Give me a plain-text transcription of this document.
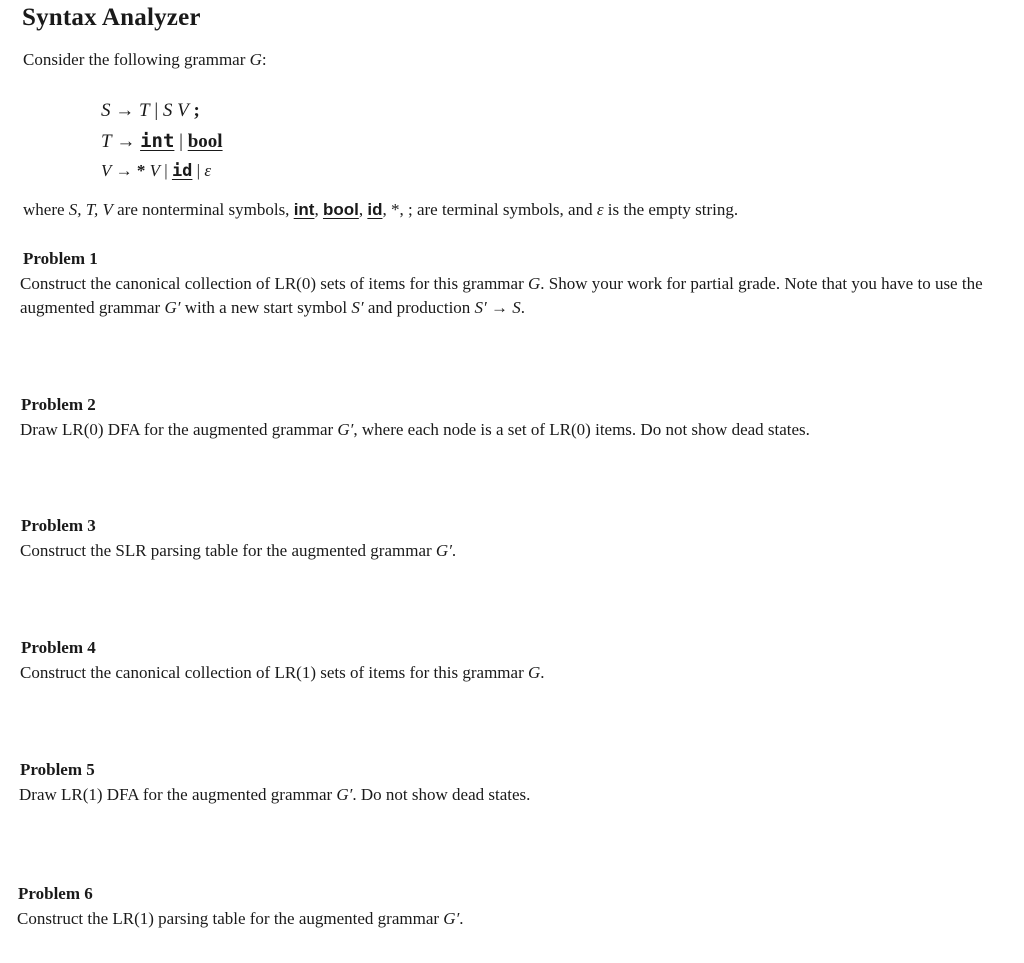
Syntax Analyzer
Consider the following grammar G:
S → T | S V ;
T → int | bool
V → * V | id | ε
where S, T, V are nonterminal symbols, int, bool, id, *, ; are terminal symbols, and ε is the empty string.
Problem 1
Construct the canonical collection of LR(0) sets of items for this grammar G. Show your work for partial grade. Note that you have to use the augmented grammar G′ with a new start symbol S′ and production S′ → S.
Problem 2
Draw LR(0) DFA for the augmented grammar G′, where each node is a set of LR(0) items. Do not show dead states.
Problem 3
Construct the SLR parsing table for the augmented grammar G′.
Problem 4
Construct the canonical collection of LR(1) sets of items for this grammar G.
Problem 5
Draw LR(1) DFA for the augmented grammar G′. Do not show dead states.
Problem 6
Construct the LR(1) parsing table for the augmented grammar G′.
